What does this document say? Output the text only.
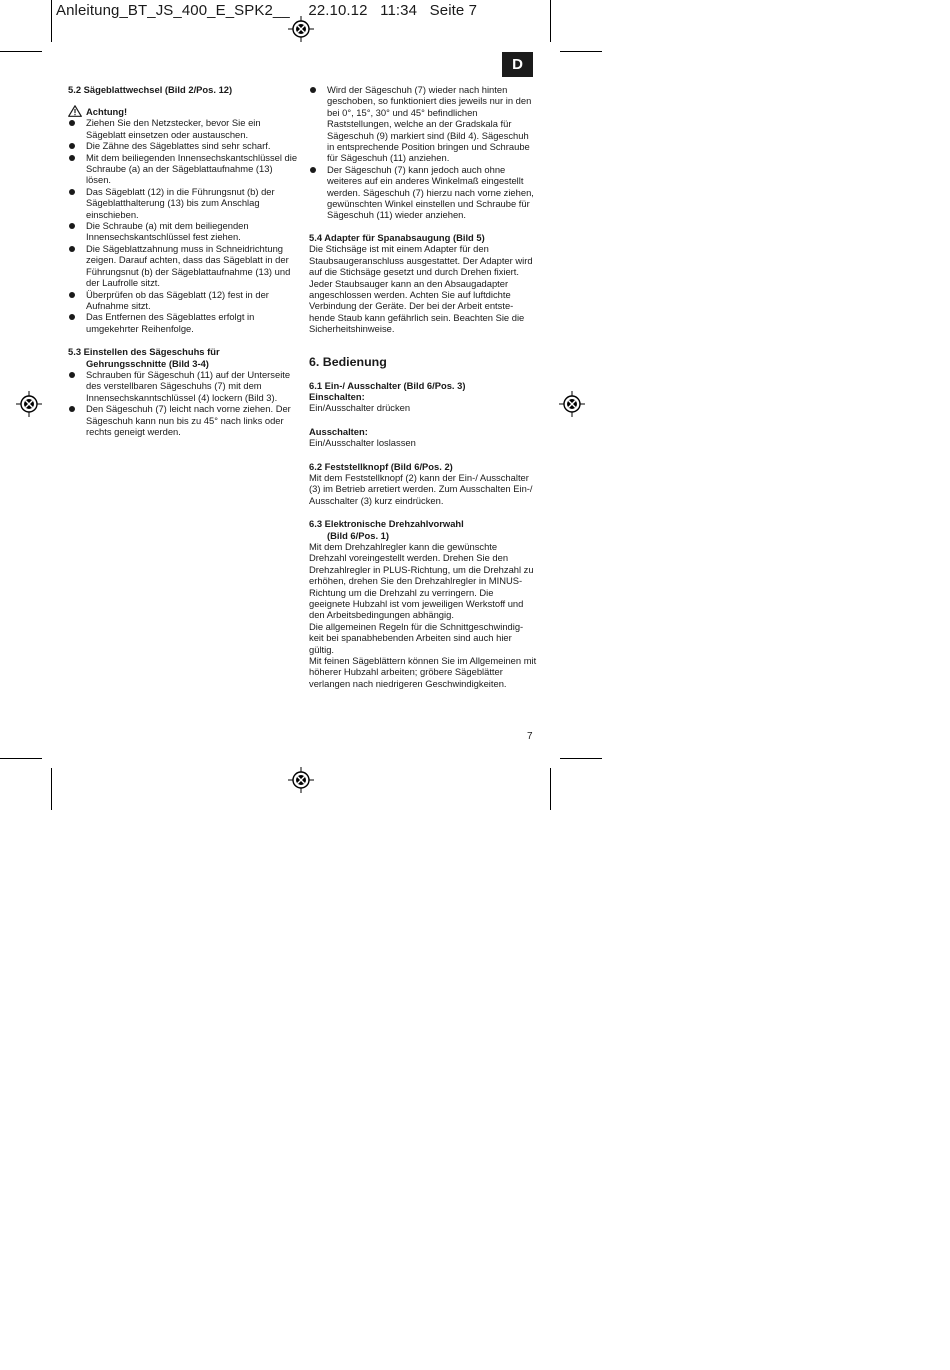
Anleitung_BT_JS_400_E_SPK2__ 22.10.12 11:34 Seite 7
D

5.2 Sägeblattwechsel (Bild 2/Pos. 12)

Achtung!
Ziehen Sie den Netzstecker, bevor Sie ein Sägeblatt einsetzen oder austauschen.
Die Zähne des Sägeblattes sind sehr scharf.
Mit dem beiliegenden Innensechskantschlüssel die Schraube (a) an der Sägeblattaufnahme (13) lösen.
Das Sägeblatt (12) in die Führungsnut (b) der Sägeblatthalterung (13) bis zum Anschlag einschieben.
Die Schraube (a) mit dem beiliegenden Innensechskantschlüssel fest ziehen.
Die Sägeblattzahnung muss in Schneidrichtung zeigen. Darauf achten, dass das Sägeblatt in der Führungsnut (b) der Sägeblattaufnahme (13) und der Laufrolle sitzt.
Überprüfen ob das Sägeblatt (12) fest in der Aufnahme sitzt.
Das Entfernen des Sägeblattes erfolgt in umgekehrter Reihenfolge.

5.3 Einstellen des Sägeschuhs für

Gehrungsschnitte (Bild 3-4)

Schrauben für Sägeschuh (11) auf der Unterseite des verstellbaren Sägeschuhs (7) mit dem Innensechskanntschlüssel (4) lockern (Bild 3).
Den Sägeschuh (7) leicht nach vorne ziehen. Der Sägeschuh kann nun bis zu 45° nach links oder rechts geneigt werden.
Wird der Sägeschuh (7) wieder nach hinten geschoben, so funktioniert dies jeweils nur in den bei 0°, 15°, 30° und 45° befindlichen Raststellungen, welche an der Gradskala für Sägeschuh (9) markiert sind (Bild 4). Sägeschuh in entsprechende Position bringen und Schraube für Sägeschuh (11) anziehen.
Der Sägeschuh (7) kann jedoch auch ohne weiteres auf ein anderes Winkelmaß eingestellt werden. Sägeschuh (7) hierzu nach vorne ziehen, gewünschten Winkel einstellen und Schraube für Sägeschuh (11) wieder anziehen.

5.4 Adapter für Spanabsaugung (Bild 5)

Die Stichsäge ist mit einem Adapter für den Staubsaugeranschluss ausgestattet. Der Adapter wird auf die Stichsäge gesetzt und durch Drehen fixiert. Jeder Staubsauger kann an den Absaugadapter angeschlossen werden. Achten Sie auf luftdichte Verbindung der Geräte. Der bei der Arbeit entste-hende Staub kann gefährlich sein. Beachten Sie die Sicherheitshinweise.

6. Bedienung

6.1 Ein-/ Ausschalter (Bild 6/Pos. 3)

Einschalten:

Ein/Ausschalter drücken

Ausschalten:

Ein/Ausschalter loslassen

6.2 Feststellknopf (Bild 6/Pos. 2)

Mit dem Feststellknopf (2) kann der Ein-/ Ausschalter (3) im Betrieb arretiert werden. Zum Ausschalten Ein-/ Ausschalter (3) kurz eindrücken.

6.3 Elektronische Drehzahlvorwahl

(Bild 6/Pos. 1)

Mit dem Drehzahlregler kann die gewünschte Drehzahl voreingestellt werden. Drehen Sie den Drehzahlregler in PLUS-Richtung, um die Drehzahl zu erhöhen, drehen Sie den Drehzahlregler in MINUS-Richtung um die Drehzahl zu verringern. Die geeignete Hubzahl ist vom jeweiligen Werkstoff und den Arbeitsbedingungen abhängig.

Die allgemeinen Regeln für die Schnittgeschwindig-keit bei spanabhebenden Arbeiten sind auch hier gültig.

Mit feinen Sägeblättern können Sie im Allgemeinen mit höherer Hubzahl arbeiten; gröbere Sägeblätter verlangen nach niedrigeren Geschwindigkeiten.

7
